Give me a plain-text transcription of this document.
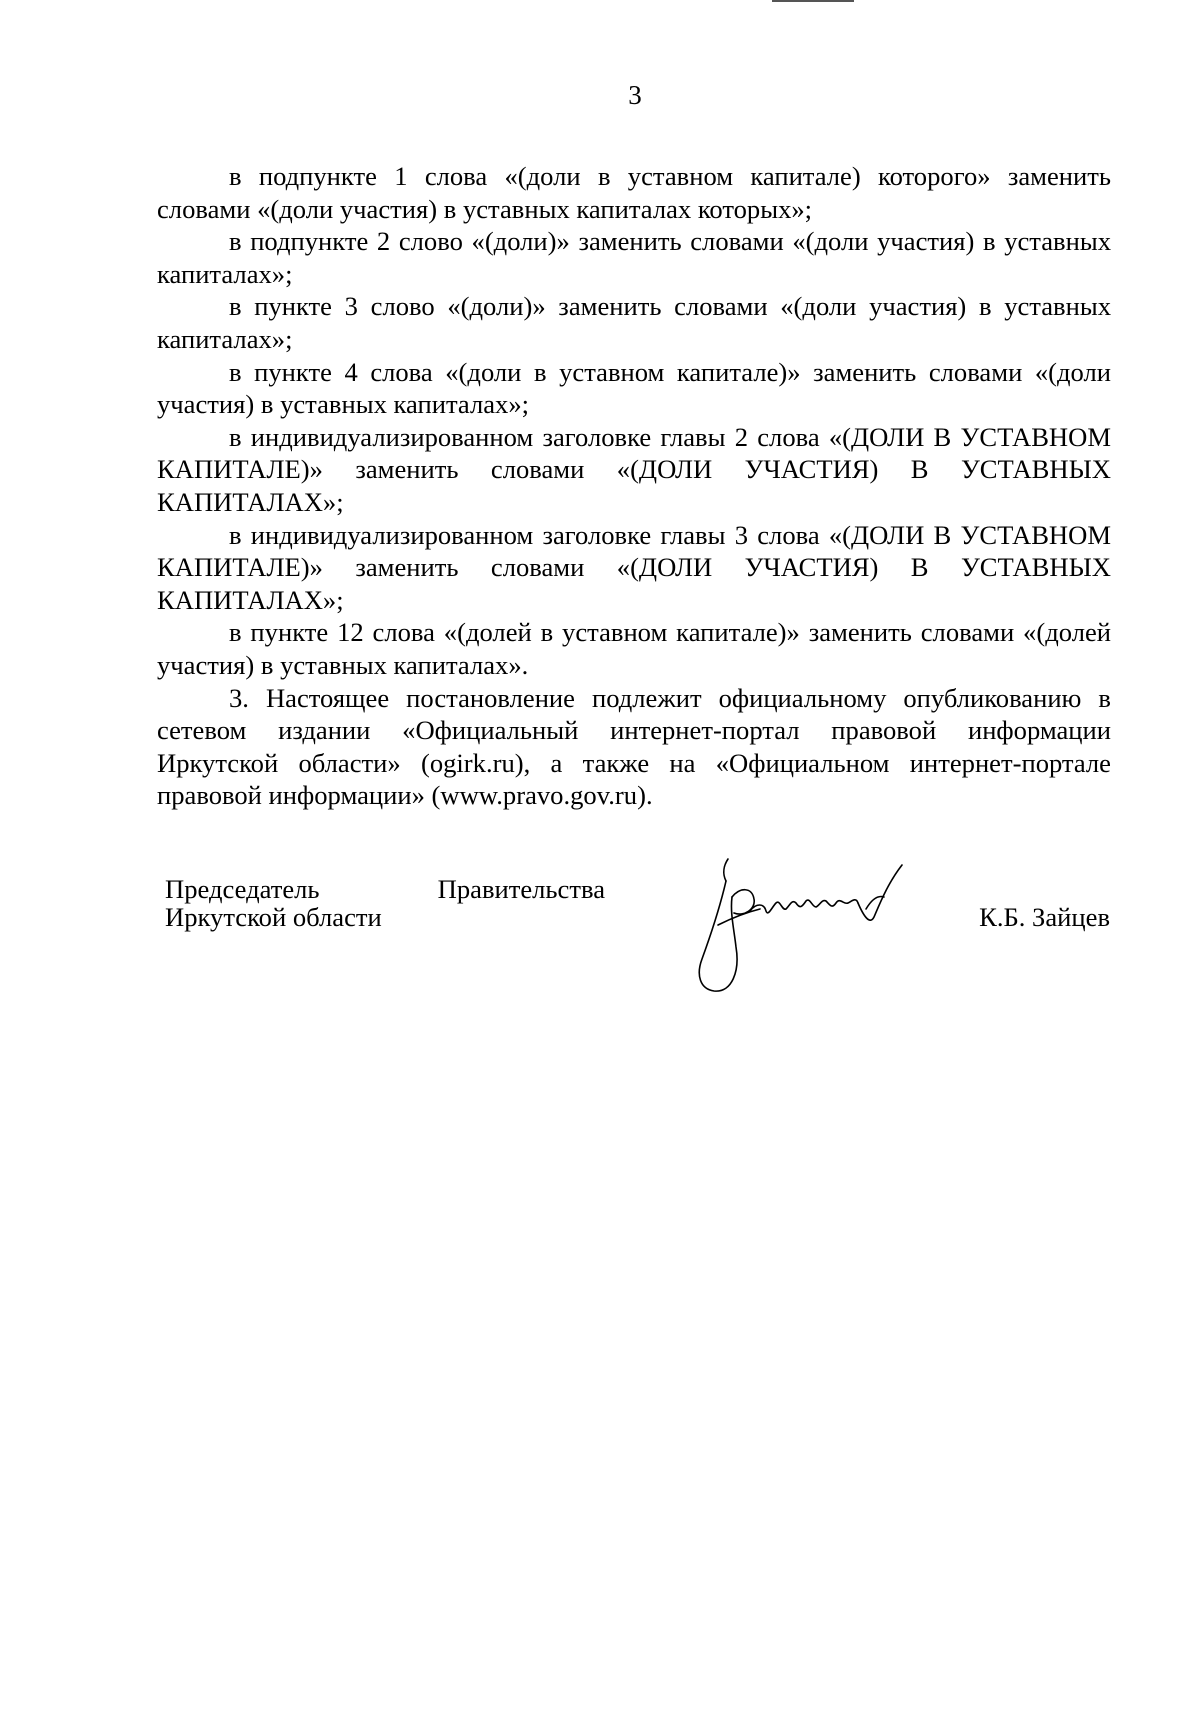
3

в подпункте 1 слова «(доли в уставном капитале) которого» заменить словами «(доли участия) в уставных капиталах которых»;

в подпункте 2 слово «(доли)» заменить словами «(доли участия) в уставных капиталах»;

в пункте 3 слово «(доли)» заменить словами «(доли участия) в уставных капиталах»;

в пункте 4 слова «(доли в уставном капитале)» заменить словами «(доли участия) в уставных капиталах»;

в индивидуализированном заголовке главы 2 слова «(ДОЛИ В УСТАВНОМ КАПИТАЛЕ)» заменить словами «(ДОЛИ УЧАСТИЯ) В УСТАВНЫХ КАПИТАЛАХ»;

в индивидуализированном заголовке главы 3 слова «(ДОЛИ В УСТАВНОМ КАПИТАЛЕ)» заменить словами «(ДОЛИ УЧАСТИЯ) В УСТАВНЫХ КАПИТАЛАХ»;

в пункте 12 слова «(долей в уставном капитале)» заменить словами «(долей участия) в уставных капиталах».

3. Настоящее постановление подлежит официальному опубликованию в сетевом издании «Официальный интернет-портал правовой информации Иркутской области» (ogirk.ru), а также на «Официальном интернет-портале правовой информации» (www.pravo.gov.ru).

Председатель	Правительства
Иркутской области	К.Б. Зайцев
